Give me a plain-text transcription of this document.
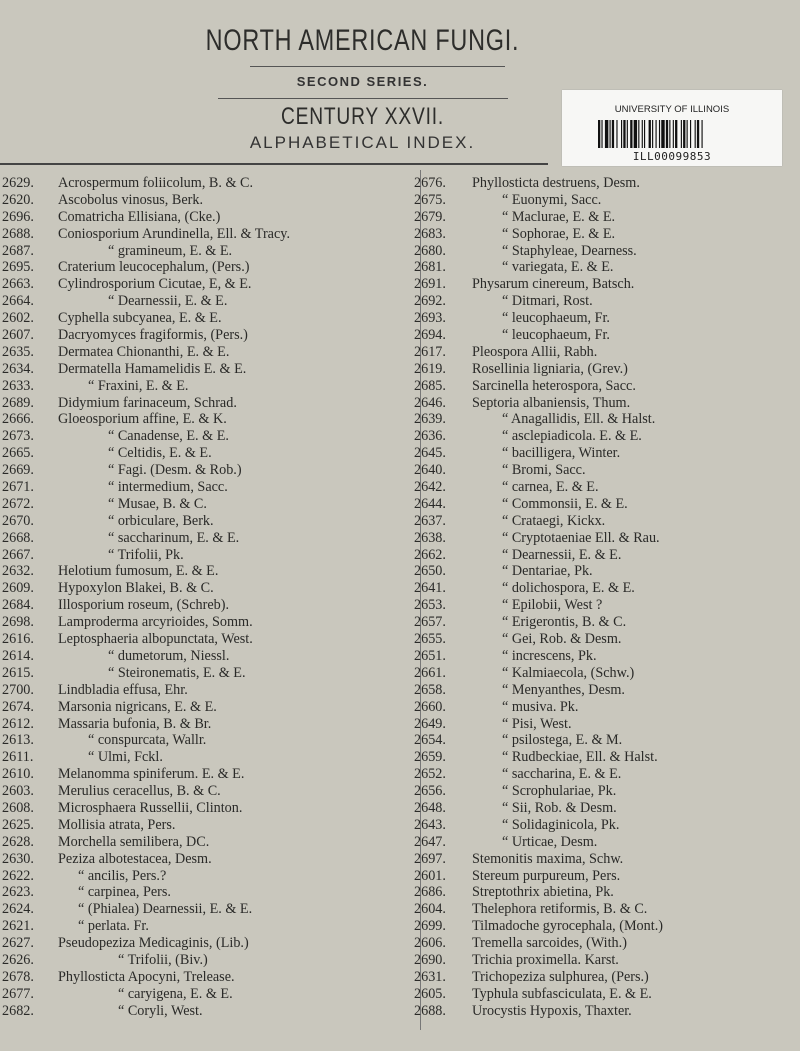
NORTH AMERICAN FUNGI.
SECOND SERIES.
CENTURY XXVII.
ALPHABETICAL INDEX.
UNIVERSITY OF ILLINOIS
ILL00099853
2629.	Acrospermum foliicolum, B. & C.
2620.	Ascobolus vinosus, Berk.
2696.	Comatricha Ellisiana, (Cke.)
2688.	Coniosporium Arundinella, Ell. & Tracy.
2687.	“ gramineum, E. & E.
2695.	Craterium leucocephalum, (Pers.)
2663.	Cylindrosporium Cicutae, E, & E.
2664.	“ Dearnessii, E. & E.
2602.	Cyphella subcyanea, E. & E.
2607.	Dacryomyces fragiformis, (Pers.)
2635.	Dermatea Chionanthi, E. & E.
2634.	Dermatella Hamamelidis E. & E.
2633.	“ Fraxini, E. & E.
2689.	Didymium farinaceum, Schrad.
2666.	Gloeosporium affine, E. & K.
2673.	“ Canadense, E. & E.
2665.	“ Celtidis, E. & E.
2669.	“ Fagi. (Desm. & Rob.)
2671.	“ intermedium, Sacc.
2672.	“ Musae, B. & C.
2670.	“ orbiculare, Berk.
2668.	“ saccharinum, E. & E.
2667.	“ Trifolii, Pk.
2632.	Helotium fumosum, E. & E.
2609.	Hypoxylon Blakei, B. & C.
2684.	Illosporium roseum, (Schreb).
2698.	Lamproderma arcyrioides, Somm.
2616.	Leptosphaeria albopunctata, West.
2614.	“ dumetorum, Niessl.
2615.	“ Steironematis, E. & E.
2700.	Lindbladia effusa, Ehr.
2674.	Marsonia nigricans, E. & E.
2612.	Massaria bufonia, B. & Br.
2613.	“ conspurcata, Wallr.
2611.	“ Ulmi, Fckl.
2610.	Melanomma spiniferum. E. & E.
2603.	Merulius ceracellus, B. & C.
2608.	Microsphaera Russellii, Clinton.
2625.	Mollisia atrata, Pers.
2628.	Morchella semilibera, DC.
2630.	Peziza albotestacea, Desm.
2622.	“ ancilis, Pers.?
2623.	“ carpinea, Pers.
2624.	“ (Phialea) Dearnessii, E. & E.
2621.	“ perlata. Fr.
2627.	Pseudopeziza Medicaginis, (Lib.)
2626.	“ Trifolii, (Biv.)
2678.	Phyllosticta Apocyni, Trelease.
2677.	“ caryigena, E. & E.
2682.	“ Coryli, West.
2676.	Phyllosticta destruens, Desm.
2675.	“ Euonymi, Sacc.
2679.	“ Maclurae, E. & E.
2683.	“ Sophorae, E. & E.
2680.	“ Staphyleae, Dearness.
2681.	“ variegata, E. & E.
2691.	Physarum cinereum, Batsch.
2692.	“ Ditmari, Rost.
2693.	“ leucophaeum, Fr.
2694.	“ leucophaeum, Fr.
2617.	Pleospora Allii, Rabh.
2619.	Rosellinia ligniaria, (Grev.)
2685.	Sarcinella heterospora, Sacc.
2646.	Septoria albaniensis, Thum.
2639.	“ Anagallidis, Ell. & Halst.
2636.	“ asclepiadicola. E. & E.
2645.	“ bacilligera, Winter.
2640.	“ Bromi, Sacc.
2642.	“ carnea, E. & E.
2644.	“ Commonsii, E. & E.
2637.	“ Crataegi, Kickx.
2638.	“ Cryptotaeniae Ell. & Rau.
2662.	“ Dearnessii, E. & E.
2650.	“ Dentariae, Pk.
2641.	“ dolichospora, E. & E.
2653.	“ Epilobii, West ?
2657.	“ Erigerontis, B. & C.
2655.	“ Gei, Rob. & Desm.
2651.	“ increscens, Pk.
2661.	“ Kalmiaecola, (Schw.)
2658.	“ Menyanthes, Desm.
2660.	“ musiva. Pk.
2649.	“ Pisi, West.
2654.	“ psilostega, E. & M.
2659.	“ Rudbeckiae, Ell. & Halst.
2652.	“ saccharina, E. & E.
2656.	“ Scrophulariae, Pk.
2648.	“ Sii, Rob. & Desm.
2643.	“ Solidaginicola, Pk.
2647.	“ Urticae, Desm.
2697.	Stemonitis maxima, Schw.
2601.	Stereum purpureum, Pers.
2686.	Streptothrix abietina, Pk.
2604.	Thelephora retiformis, B. & C.
2699.	Tilmadoche gyrocephala, (Mont.)
2606.	Tremella sarcoides, (With.)
2690.	Trichia proximella. Karst.
2631.	Trichopeziza sulphurea, (Pers.)
2605.	Typhula subfasciculata, E. & E.
2688.	Urocystis Hypoxis, Thaxter.
